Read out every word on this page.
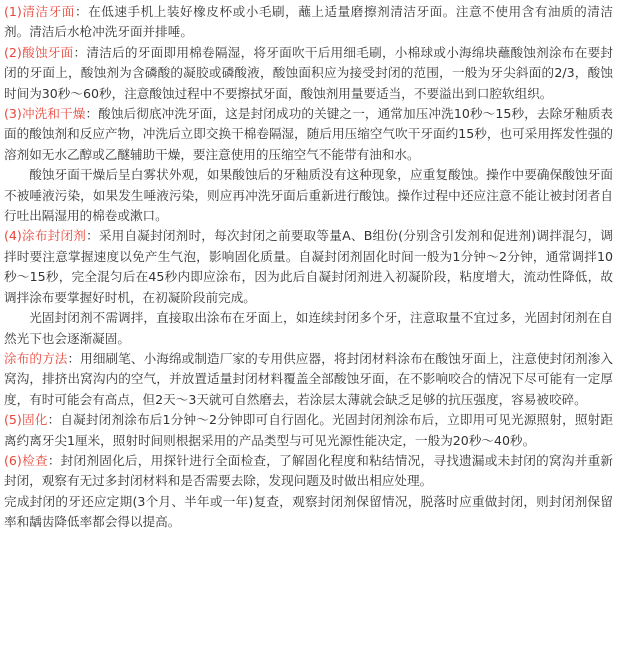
(1)清洁牙面：在低速手机上装好橡皮杯或小毛刷，蘸上适量磨擦剂清洁牙面。注意不使用含有油质的清洁剂。清洁后水枪冲洗牙面并排唾。

(2)酸蚀牙面：清洁后的牙面即用棉卷隔湿，将牙面吹干后用细毛刷，小棉球或小海绵块蘸酸蚀剂涂布在要封闭的牙面上，酸蚀剂为含磷酸的凝胶或磷酸液，酸蚀面积应为接受封闭的范围，一般为牙尖斜面的2/3，酸蚀时间为30秒～60秒，注意酸蚀过程中不要擦拭牙面，酸蚀剂用量要适当，不要溢出到口腔软组织。

(3)冲洗和干燥：酸蚀后彻底冲洗牙面，这是封闭成功的关键之一，通常加压冲洗10秒～15秒，去除牙釉质表面的酸蚀剂和反应产物，冲洗后立即交换干棉卷隔湿，随后用压缩空气吹干牙面约15秒，也可采用挥发性强的溶剂如无水乙醇或乙醚辅助干燥，要注意使用的压缩空气不能带有油和水。

酸蚀牙面干燥后呈白雾状外观，如果酸蚀后的牙釉质没有这种现象，应重复酸蚀。操作中要确保酸蚀牙面不被唾液污染，如果发生唾液污染，则应再冲洗牙面后重新进行酸蚀。操作过程中还应注意不能让被封闭者自行吐出隔湿用的棉卷或漱口。

(4)涂布封闭剂：采用自凝封闭剂时，每次封闭之前要取等量A、B组份(分别含引发剂和促进剂)调拌混匀，调拌时要注意掌握速度以免产生气泡，影响固化质量。自凝封闭剂固化时间一般为1分钟～2分钟，通常调拌10秒～15秒，完全混匀后在45秒内即应涂布，因为此后自凝封闭剂进入初凝阶段，粘度增大，流动性降低，故调拌涂布要掌握好时机，在初凝阶段前完成。

光固封闭剂不需调拌，直接取出涂布在牙面上，如连续封闭多个牙，注意取量不宜过多，光固封闭剂在自然光下也会逐渐凝固。

涂布的方法：用细刷笔、小海绵或制造厂家的专用供应器，将封闭材料涂布在酸蚀牙面上，注意使封闭剂渗入窝沟，排挤出窝沟内的空气，并放置适量封闭材料覆盖全部酸蚀牙面，在不影响咬合的情况下尽可能有一定厚度，有时可能会有高点，但2天～3天就可自然磨去，若涂层太薄就会缺乏足够的抗压强度，容易被咬碎。

(5)固化：自凝封闭剂涂布后1分钟～2分钟即可自行固化。光固封闭剂涂布后，立即用可见光源照射，照射距离约离牙尖1厘米，照射时间则根据采用的产品类型与可见光源性能决定，一般为20秒～40秒。

(6)检查：封闭剂固化后，用探针进行全面检查，了解固化程度和粘结情况，寻找遗漏或未封闭的窝沟并重新封闭，观察有无过多封闭材料和是否需要去除，发现问题及时做出相应处理。

完成封闭的牙还应定期(3个月、半年或一年)复查，观察封闭剂保留情况，脱落时应重做封闭，则封闭剂保留率和龋齿降低率都会得以提高。
